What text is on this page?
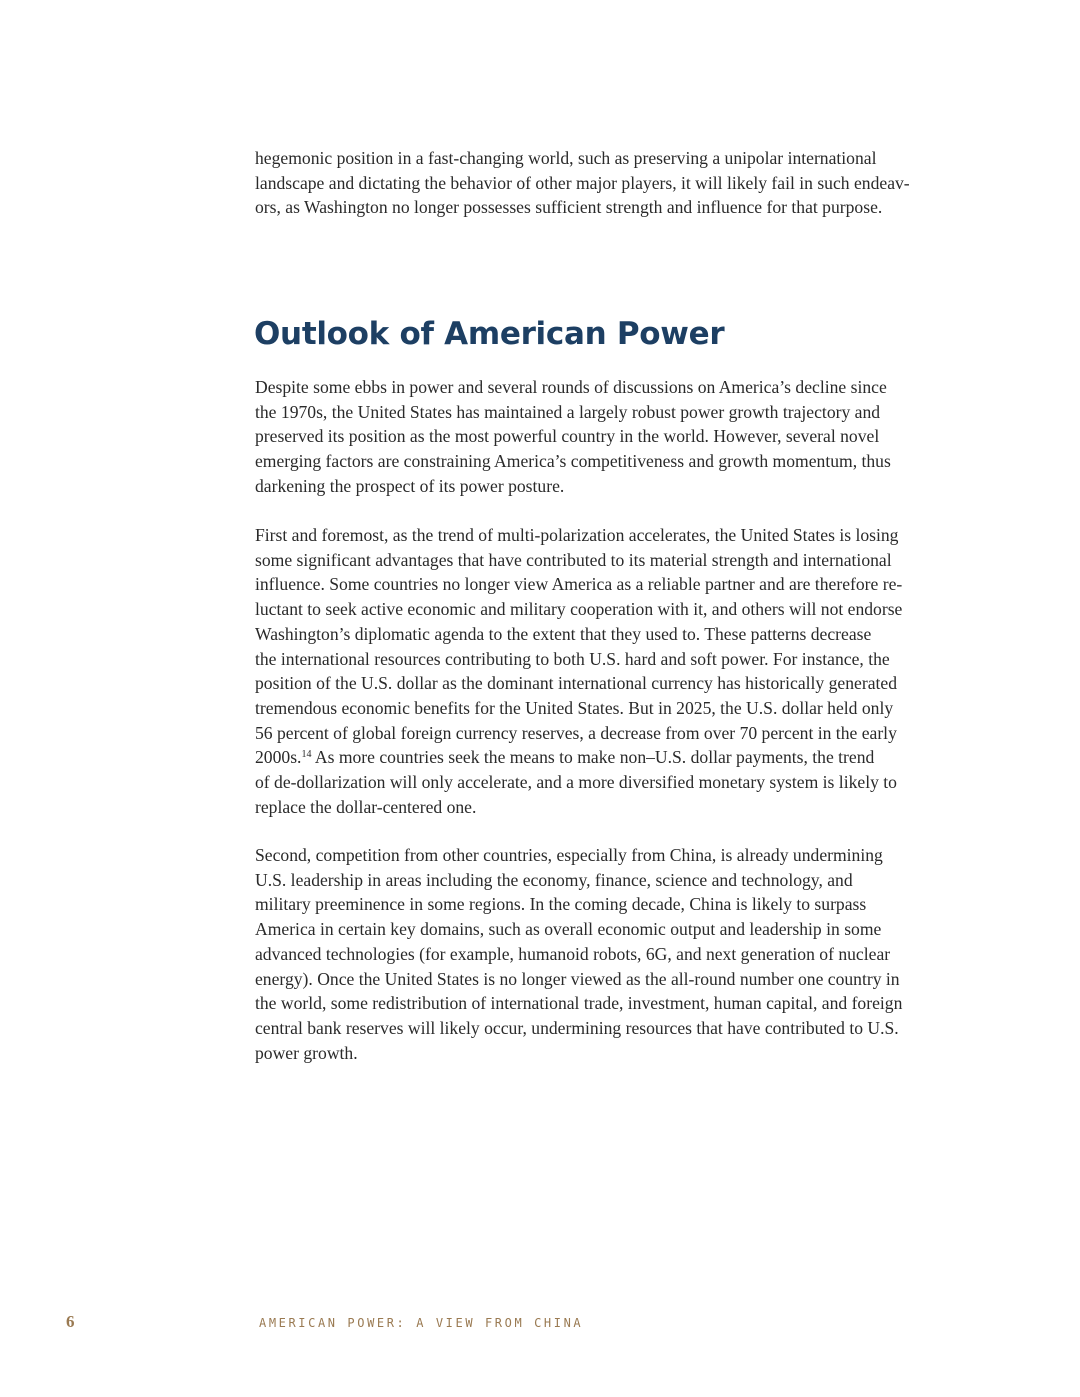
hegemonic position in a fast-changing world, such as preserving a unipolar international
landscape and dictating the behavior of other major players, it will likely fail in such endeav-
ors, as Washington no longer possesses sufficient strength and influence for that purpose.

Outlook of American Power

Despite some ebbs in power and several rounds of discussions on America’s decline since
the 1970s, the United States has maintained a largely robust power growth trajectory and
preserved its position as the most powerful country in the world. However, several novel
emerging factors are constraining America’s competitiveness and growth momentum, thus
darkening the prospect of its power posture.

First and foremost, as the trend of multi-polarization accelerates, the United States is losing
some significant advantages that have contributed to its material strength and international
influence. Some countries no longer view America as a reliable partner and are therefore re-
luctant to seek active economic and military cooperation with it, and others will not endorse
Washington’s diplomatic agenda to the extent that they used to. These patterns decrease
the international resources contributing to both U.S. hard and soft power. For instance, the
position of the U.S. dollar as the dominant international currency has historically generated
tremendous economic benefits for the United States. But in 2025, the U.S. dollar held only
56 percent of global foreign currency reserves, a decrease from over 70 percent in the early
2000s.$^{14}$ As more countries seek the means to make non–U.S. dollar payments, the trend
of de-dollarization will only accelerate, and a more diversified monetary system is likely to
replace the dollar-centered one.

Second, competition from other countries, especially from China, is already undermining
U.S. leadership in areas including the economy, finance, science and technology, and
military preeminence in some regions. In the coming decade, China is likely to surpass
America in certain key domains, such as overall economic output and leadership in some
advanced technologies (for example, humanoid robots, 6G, and next generation of nuclear
energy). Once the United States is no longer viewed as the all-round number one country in
the world, some redistribution of international trade, investment, human capital, and foreign
central bank reserves will likely occur, undermining resources that have contributed to U.S.
power growth.

6	AMERICAN POWER: A VIEW FROM CHINA
